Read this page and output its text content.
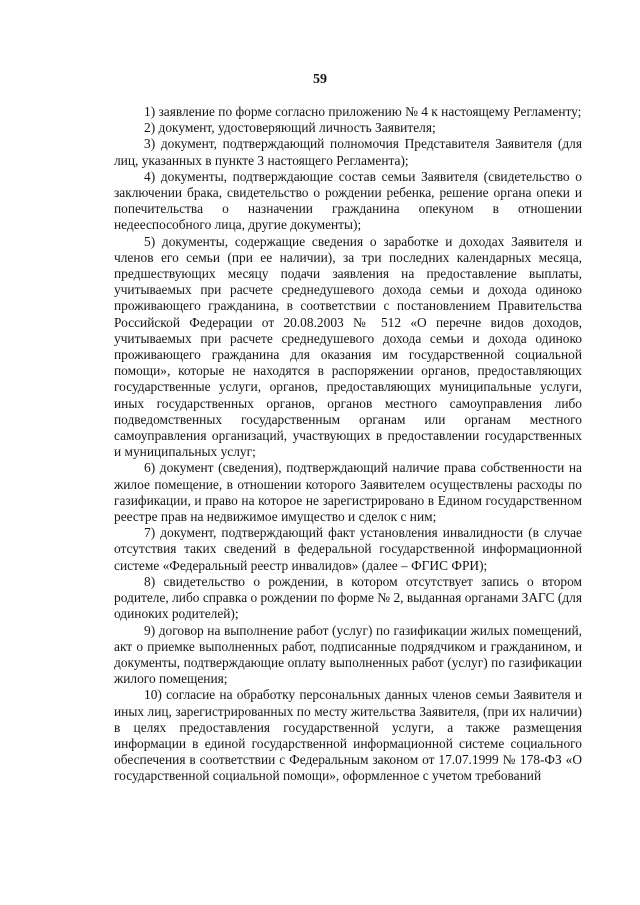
59

1) заявление по форме согласно приложению № 4 к настоящему Регламенту;

2) документ, удостоверяющий личность Заявителя;

3) документ, подтверждающий полномочия Представителя Заявителя (для лиц, указанных в пункте 3 настоящего Регламента);

4) документы, подтверждающие состав семьи Заявителя (свидетельство о заключении брака, свидетельство о рождении ребенка, решение органа опеки и попечительства о назначении гражданина опекуном в отношении недееспособного лица, другие документы);

5) документы, содержащие сведения о заработке и доходах Заявителя и членов его семьи (при ее наличии), за три последних календарных месяца, предшествующих месяцу подачи заявления на предоставление выплаты, учитываемых при расчете среднедушевого дохода семьи и дохода одиноко проживающего гражданина, в соответствии с постановлением Правительства Российской Федерации от 20.08.2003 № 512 «О перечне видов доходов, учитываемых при расчете среднедушевого дохода семьи и дохода одиноко проживающего гражданина для оказания им государственной социальной помощи», которые не находятся в распоряжении органов, предоставляющих государственные услуги, органов, предоставляющих муниципальные услуги, иных государственных органов, органов местного самоуправления либо подведомственных государственным органам или органам местного самоуправления организаций, участвующих в предоставлении государственных и муниципальных услуг;

6) документ (сведения), подтверждающий наличие права собственности на жилое помещение, в отношении которого Заявителем осуществлены расходы по газификации, и право на которое не зарегистрировано в Едином государственном реестре прав на недвижимое имущество и сделок с ним;

7) документ, подтверждающий факт установления инвалидности (в случае отсутствия таких сведений в федеральной государственной информационной системе «Федеральный реестр инвалидов» (далее – ФГИС ФРИ);

8) свидетельство о рождении, в котором отсутствует запись о втором родителе, либо справка о рождении по форме № 2, выданная органами ЗАГС (для одиноких родителей);

9) договор на выполнение работ (услуг) по газификации жилых помещений, акт о приемке выполненных работ, подписанные подрядчиком и гражданином, и документы, подтверждающие оплату выполненных работ (услуг) по газификации жилого помещения;

10) согласие на обработку персональных данных членов семьи Заявителя и иных лиц, зарегистрированных по месту жительства Заявителя, (при их наличии) в целях предоставления государственной услуги, а также размещения информации в единой государственной информационной системе социального обеспечения в соответствии с Федеральным законом от 17.07.1999 № 178-ФЗ «О государственной социальной помощи», оформленное с учетом требований
